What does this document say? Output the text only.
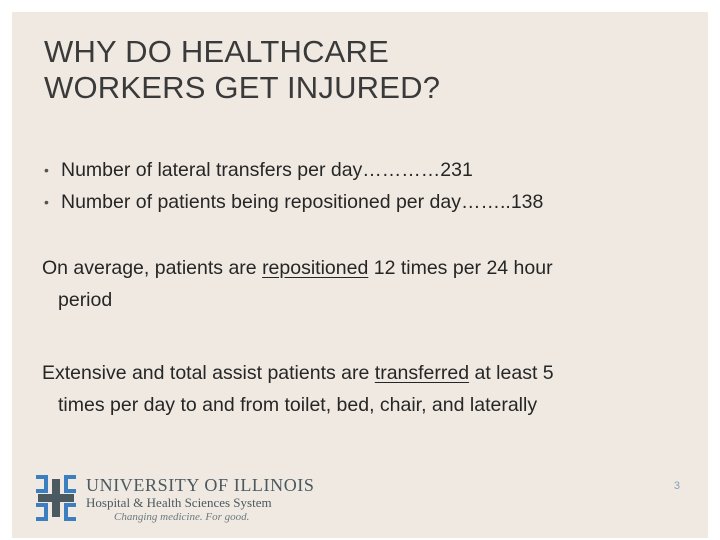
WHY DO HEALTHCARE
WORKERS GET INJURED?
• Number of lateral transfers per day…………231
• Number of patients being repositioned per day……..138
On average, patients are repositioned 12 times per 24 hour
period
Extensive and total assist patients are transferred at least 5
times per day to and from toilet, bed, chair, and laterally
UNIVERSITY OF ILLINOIS
Hospital & Health Sciences System
Changing medicine. For good.
3
